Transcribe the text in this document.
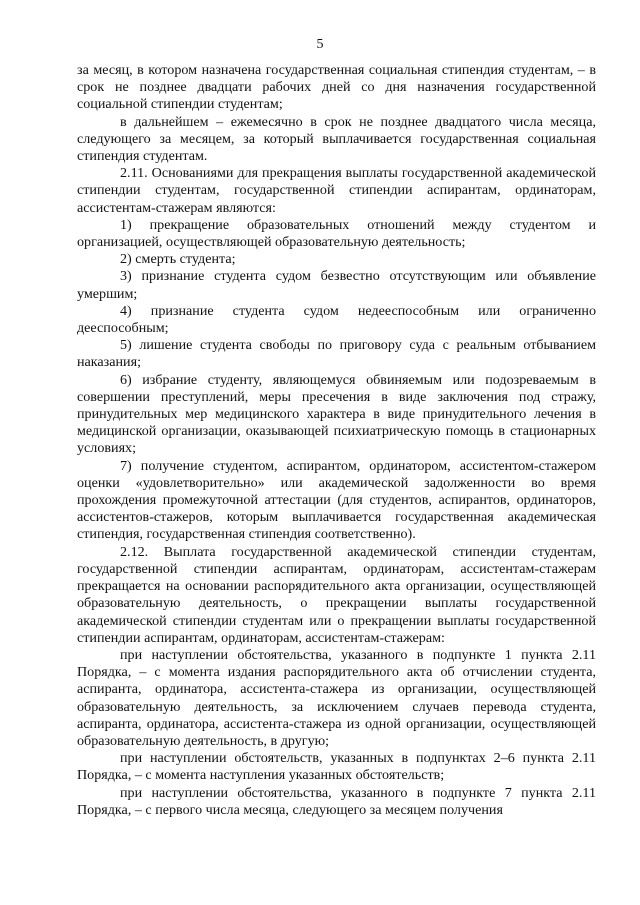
5

за месяц, в котором назначена государственная социальная стипендия студентам, – в срок не позднее двадцати рабочих дней со дня назначения государственной социальной стипендии студентам;

в дальнейшем – ежемесячно в срок не позднее двадцатого числа месяца, следующего за месяцем, за который выплачивается государственная социальная стипендия студентам.

2.11. Основаниями для прекращения выплаты государственной академической стипендии студентам, государственной стипендии аспирантам, ординаторам, ассистентам-стажерам являются:

1) прекращение образовательных отношений между студентом и организацией, осуществляющей образовательную деятельность;

2) смерть студента;

3) признание студента судом безвестно отсутствующим или объявление умершим;

4) признание студента судом недееспособным или ограниченно дееспособным;

5) лишение студента свободы по приговору суда с реальным отбыванием наказания;

6) избрание студенту, являющемуся обвиняемым или подозреваемым в совершении преступлений, меры пресечения в виде заключения под стражу, принудительных мер медицинского характера в виде принудительного лечения в медицинской организации, оказывающей психиатрическую помощь в стационарных условиях;

7) получение студентом, аспирантом, ординатором, ассистентом-стажером оценки «удовлетворительно» или академической задолженности во время прохождения промежуточной аттестации (для студентов, аспирантов, ординаторов, ассистентов-стажеров, которым выплачивается государственная академическая стипендия, государственная стипендия соответственно).

2.12. Выплата государственной академической стипендии студентам, государственной стипендии аспирантам, ординаторам, ассистентам-стажерам прекращается на основании распорядительного акта организации, осуществляющей образовательную деятельность, о прекращении выплаты государственной академической стипендии студентам или о прекращении выплаты государственной стипендии аспирантам, ординаторам, ассистентам-стажерам:

при наступлении обстоятельства, указанного в подпункте 1 пункта 2.11 Порядка, – с момента издания распорядительного акта об отчислении студента, аспиранта, ординатора, ассистента-стажера из организации, осуществляющей образовательную деятельность, за исключением случаев перевода студента, аспиранта, ординатора, ассистента-стажера из одной организации, осуществляющей образовательную деятельность, в другую;

при наступлении обстоятельств, указанных в подпунктах 2–6 пункта 2.11 Порядка, – с момента наступления указанных обстоятельств;

при наступлении обстоятельства, указанного в подпункте 7 пункта 2.11 Порядка, – с первого числа месяца, следующего за месяцем получения
